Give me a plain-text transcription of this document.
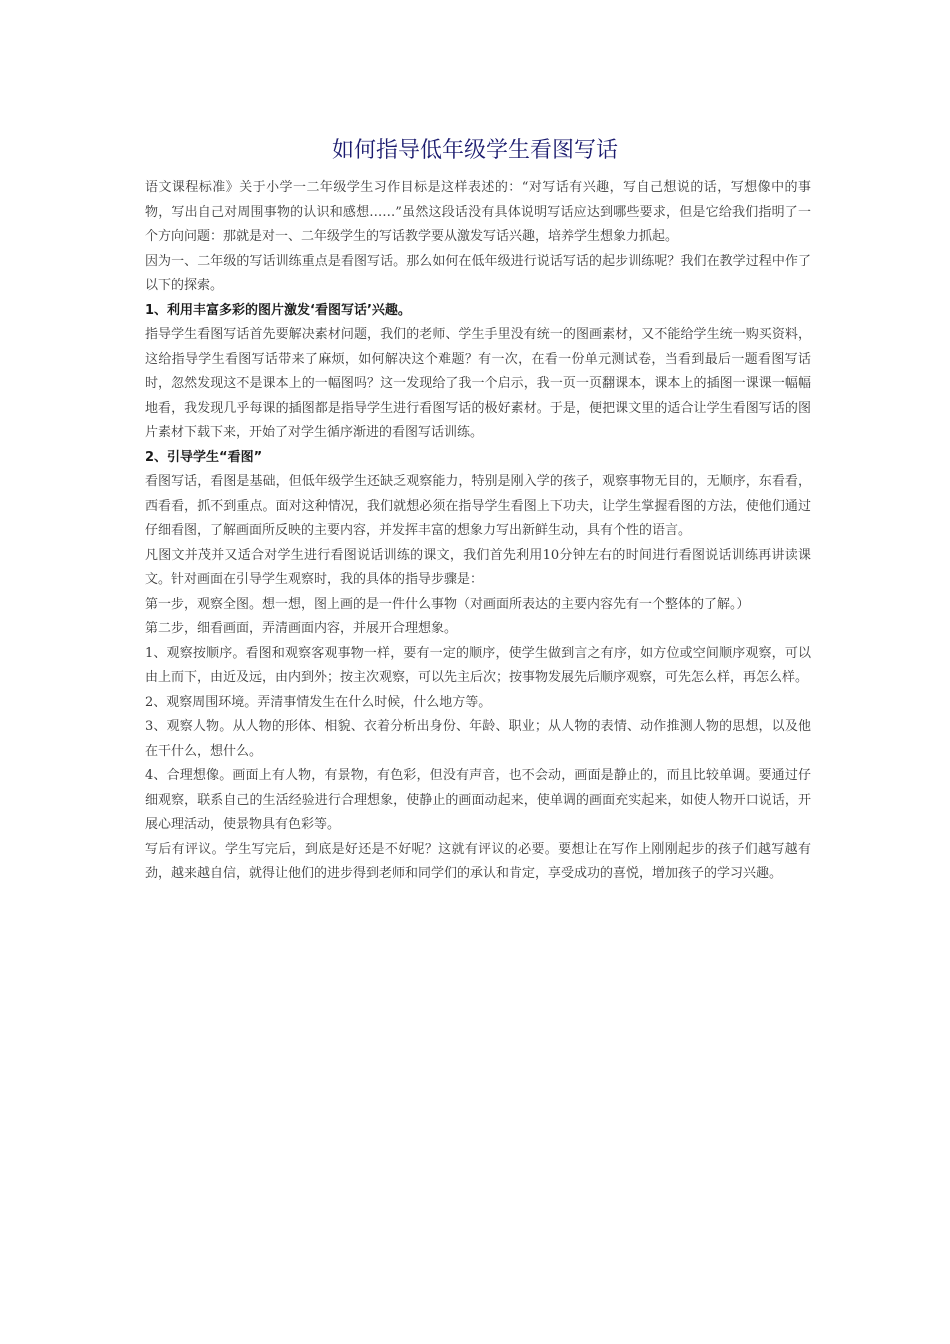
如何指导低年级学生看图写话

语文课程标准》关于小学一二年级学生习作目标是这样表述的：“对写话有兴趣，写自己想说的话，写想像中的事物，写出自己对周围事物的认识和感想……”虽然这段话没有具体说明写话应达到哪些要求，但是它给我们指明了一个方向问题：那就是对一、二年级学生的写话教学要从激发写话兴趣，培养学生想象力抓起。

因为一、二年级的写话训练重点是看图写话。那么如何在低年级进行说话写话的起步训练呢？我们在教学过程中作了以下的探索。

1、利用丰富多彩的图片激发‘看图写话’兴趣。

指导学生看图写话首先要解决素材问题，我们的老师、学生手里没有统一的图画素材，又不能给学生统一购买资料，这给指导学生看图写话带来了麻烦，如何解决这个难题？有一次，在看一份单元测试卷，当看到最后一题看图写话时，忽然发现这不是课本上的一幅图吗？这一发现给了我一个启示，我一页一页翻课本，课本上的插图一课课一幅幅地看，我发现几乎每课的插图都是指导学生进行看图写话的极好素材。于是，便把课文里的适合让学生看图写话的图片素材下载下来，开始了对学生循序渐进的看图写话训练。

2、引导学生“看图”

看图写话，看图是基础，但低年级学生还缺乏观察能力，特别是刚入学的孩子，观察事物无目的，无顺序，东看看，西看看，抓不到重点。面对这种情况，我们就想必须在指导学生看图上下功夫，让学生掌握看图的方法，使他们通过仔细看图，了解画面所反映的主要内容，并发挥丰富的想象力写出新鲜生动，具有个性的语言。

凡图文并茂并又适合对学生进行看图说话训练的课文，我们首先利用10分钟左右的时间进行看图说话训练再讲读课文。针对画面在引导学生观察时，我的具体的指导步骤是：

第一步，观察全图。想一想，图上画的是一件什么事物（对画面所表达的主要内容先有一个整体的了解。）

第二步，细看画面，弄清画面内容，并展开合理想象。

1、观察按顺序。看图和观察客观事物一样，要有一定的顺序，使学生做到言之有序，如方位或空间顺序观察，可以由上而下，由近及远，由内到外；按主次观察，可以先主后次；按事物发展先后顺序观察，可先怎么样，再怎么样。

2、观察周围环境。弄清事情发生在什么时候，什么地方等。

3、观察人物。从人物的形体、相貌、衣着分析出身份、年龄、职业；从人物的表情、动作推测人物的思想，以及他在干什么，想什么。

4、合理想像。画面上有人物，有景物，有色彩，但没有声音，也不会动，画面是静止的，而且比较单调。要通过仔细观察，联系自己的生活经验进行合理想象，使静止的画面动起来，使单调的画面充实起来，如使人物开口说话，开展心理活动，使景物具有色彩等。

写后有评议。学生写完后，到底是好还是不好呢？这就有评议的必要。要想让在写作上刚刚起步的孩子们越写越有劲，越来越自信，就得让他们的进步得到老师和同学们的承认和肯定，享受成功的喜悦，增加孩子的学习兴趣。
